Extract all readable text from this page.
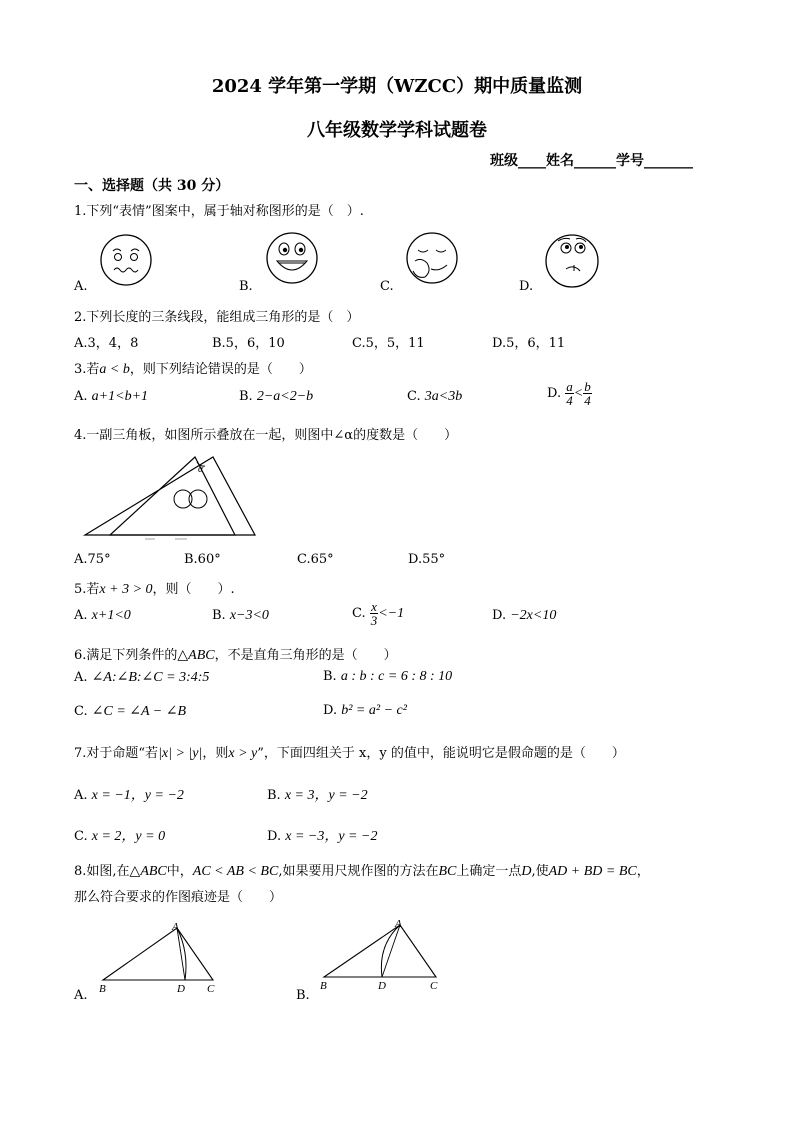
2024 学年第一学期（WZCC）期中质量监测
八年级数学学科试题卷
班级____姓名______学号_______
一、选择题（共 30 分）
1.下列“表情”图案中，属于轴对称图形的是（　）.
A.	B.	C.	D.
2.下列长度的三条线段，能组成三角形的是（　）
A.3，4，8	B.5，6，10	C.5，5，11	D.5，6，11
3.若a < b，则下列结论错误的是（　　）
A. a+1<b+1	B. 2−a<2−b	C. 3a<3b	D. $\frac{a}{4} < \frac{b}{4}$
4.一副三角板，如图所示叠放在一起，则图中∠α的度数是（　　）
α
A.75°	B.60°	C.65°	D.55°
5.若x + 3 > 0，则（　　）.
A. x+1<0	B. x−3<0	C. $\frac{x}{3} <-1$	D. −2x<10
6.满足下列条件的△ABC，不是直角三角形的是（　　）
A. ∠A:∠B:∠C = 3:4:5	B. a : b : c = 6 : 8 : 10
C. ∠C = ∠A − ∠B	D. b² = a² − c²
7.对于命题“若|x| > |y|，则x > y”，下面四组关于 x，y 的值中，能说明它是假命题的是（　　）
A. x = −1，y = −2	B. x = 3，y = −2
C. x = 2，y = 0	D. x = −3，y = −2
8.如图,在△ABC中，AC < AB < BC,如果要用尺规作图的方法在BC上确定一点D,使AD + BD = BC，
那么符合要求的作图痕迹是（　　）
A
B	D C
A.
A
B	D	C
B.
